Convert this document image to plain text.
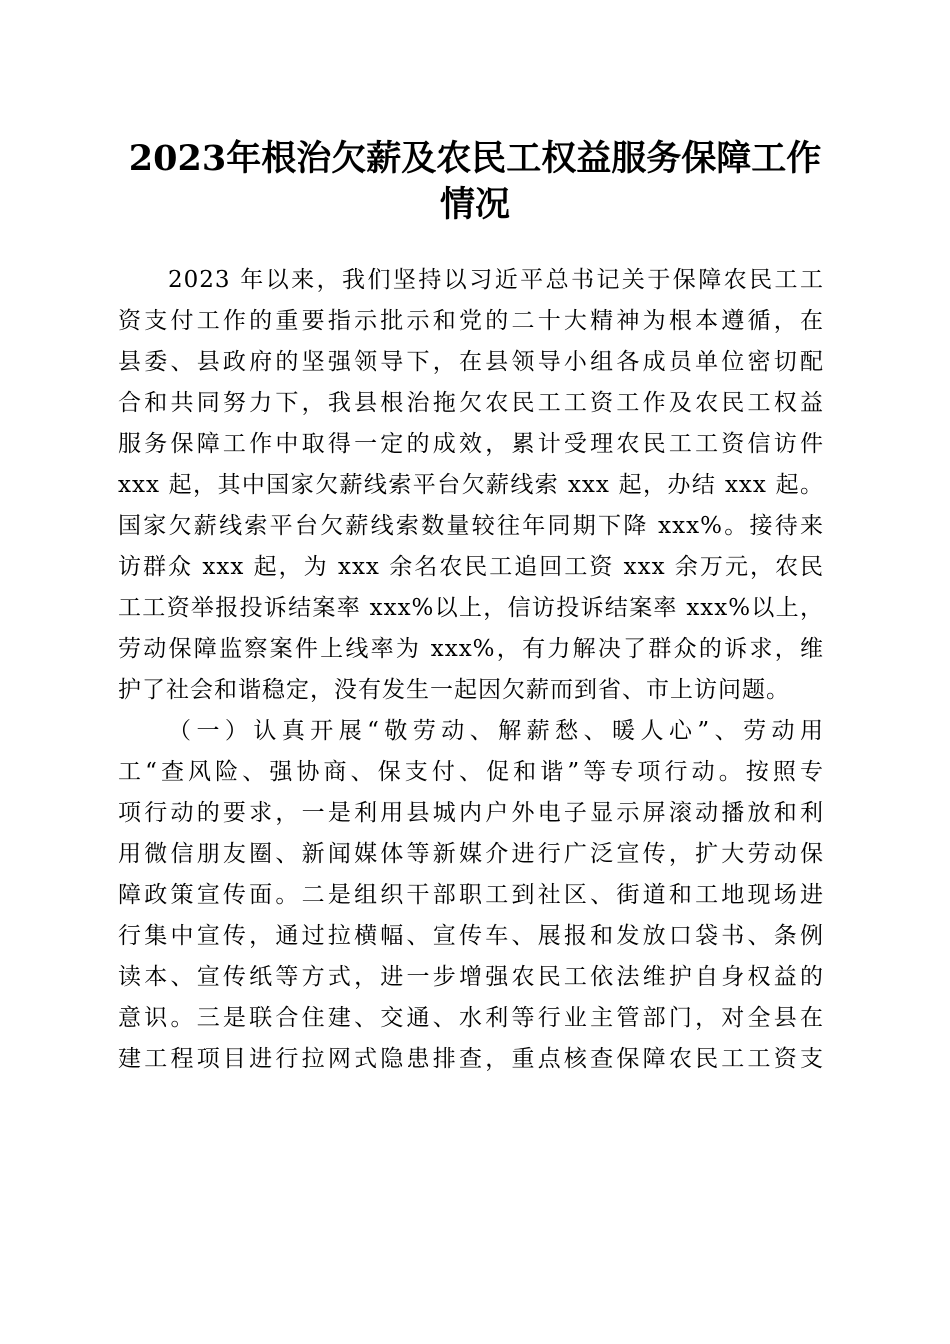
2023年根治欠薪及农民工权益服务保障工作
情况
2023 年以来，我们坚持以习近平总书记关于保障农民工工
资支付工作的重要指示批示和党的二十大精神为根本遵循，在
县委、县政府的坚强领导下，在县领导小组各成员单位密切配
合和共同努力下，我县根治拖欠农民工工资工作及农民工权益
服务保障工作中取得一定的成效，累计受理农民工工资信访件
xxx 起，其中国家欠薪线索平台欠薪线索 xxx 起，办结 xxx 起。
国家欠薪线索平台欠薪线索数量较往年同期下降 xxx%。接待来
访群众 xxx 起，为 xxx 余名农民工追回工资 xxx 余万元，农民
工工资举报投诉结案率 xxx%以上，信访投诉结案率 xxx%以上，
劳动保障监察案件上线率为 xxx%，有力解决了群众的诉求，维
护了社会和谐稳定，没有发生一起因欠薪而到省、市上访问题。
（一）认真开展“敬劳动、解薪愁、暖人心”、劳动用
工“查风险、强协商、保支付、促和谐”等专项行动。按照专
项行动的要求，一是利用县城内户外电子显示屏滚动播放和利
用微信朋友圈、新闻媒体等新媒介进行广泛宣传，扩大劳动保
障政策宣传面。二是组织干部职工到社区、街道和工地现场进
行集中宣传，通过拉横幅、宣传车、展报和发放口袋书、条例
读本、宣传纸等方式，进一步增强农民工依法维护自身权益的
意识。三是联合住建、交通、水利等行业主管部门，对全县在
建工程项目进行拉网式隐患排查，重点核查保障农民工工资支
